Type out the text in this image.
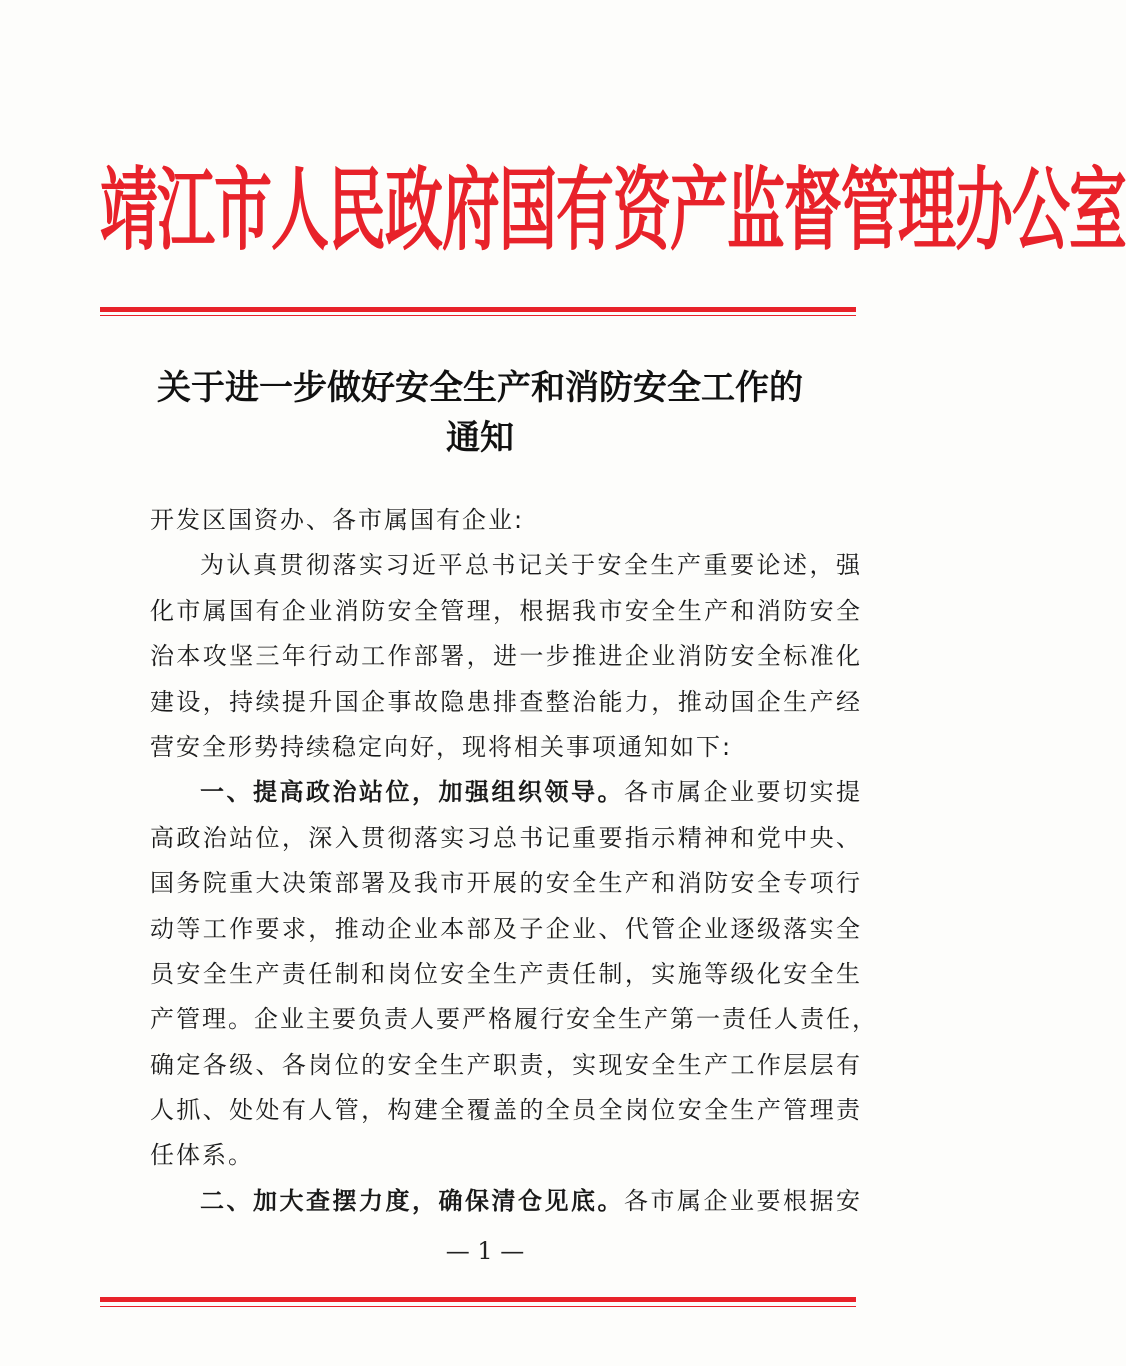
靖江市人民政府国有资产监督管理办公室
关于进一步做好安全生产和消防安全工作的
通知
开发区国资办、各市属国有企业:
为认真贯彻落实习近平总书记关于安全生产重要论述，强
化市属国有企业消防安全管理，根据我市安全生产和消防安全
治本攻坚三年行动工作部署，进一步推进企业消防安全标准化
建设，持续提升国企事故隐患排查整治能力，推动国企生产经
营安全形势持续稳定向好，现将相关事项通知如下:
一、提高政治站位，加强组织领导。各市属企业要切实提
高政治站位，深入贯彻落实习总书记重要指示精神和党中央、
国务院重大决策部署及我市开展的安全生产和消防安全专项行
动等工作要求，推动企业本部及子企业、代管企业逐级落实全
员安全生产责任制和岗位安全生产责任制，实施等级化安全生
产管理。企业主要负责人要严格履行安全生产第一责任人责任，
确定各级、各岗位的安全生产职责，实现安全生产工作层层有
人抓、处处有人管，构建全覆盖的全员全岗位安全生产管理责
任体系。
二、加大查摆力度，确保清仓见底。各市属企业要根据安
— 1 —
